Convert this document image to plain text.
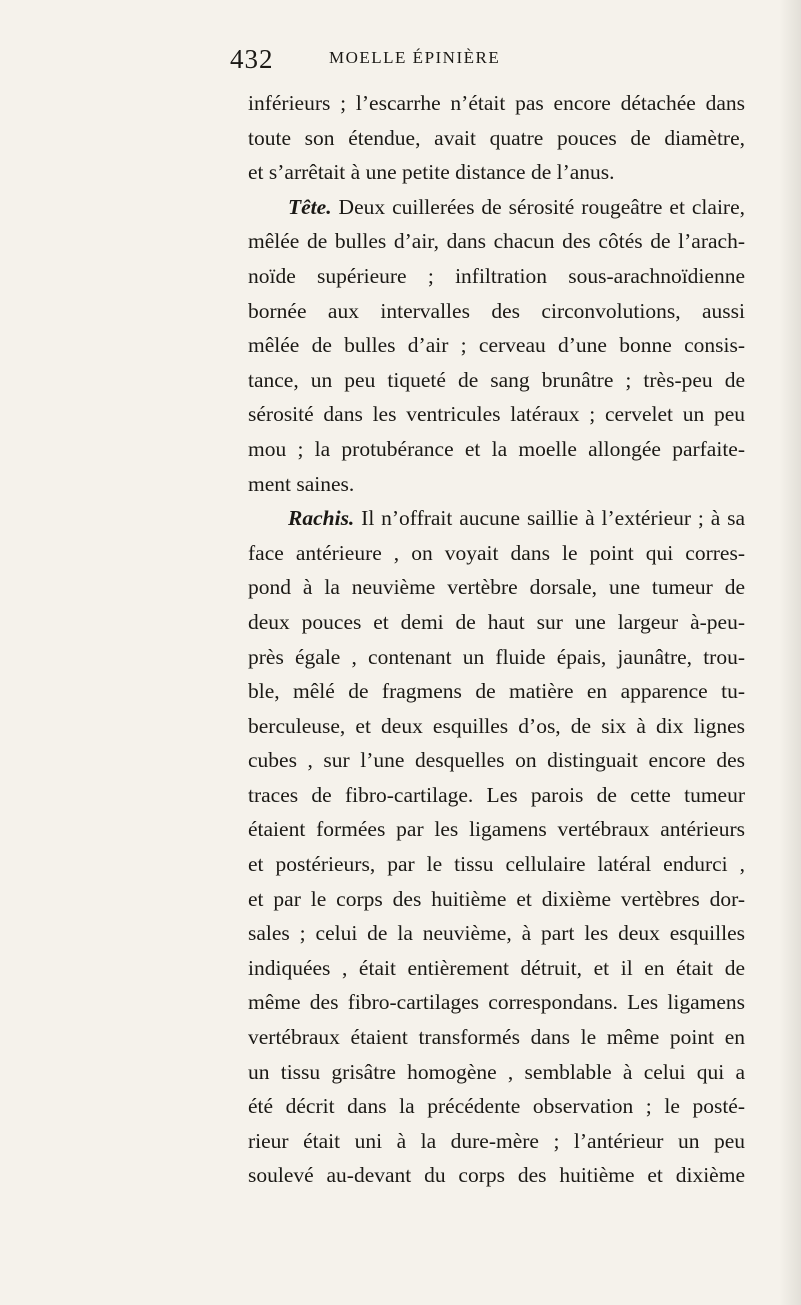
432	MOELLE ÉPINIÈRE
inférieurs ; l’escarrhe n’était pas encore détachée dans
toute son étendue, avait quatre pouces de diamètre,
et s’arrêtait à une petite distance de l’anus.
Tête. Deux cuillerées de sérosité rougeâtre et claire,
mêlée de bulles d’air, dans chacun des côtés de l’arach-
noïde supérieure ; infiltration sous-arachnoïdienne
bornée aux intervalles des circonvolutions, aussi
mêlée de bulles d’air ; cerveau d’une bonne consis-
tance, un peu tiqueté de sang brunâtre ; très-peu de
sérosité dans les ventricules latéraux ; cervelet un peu
mou ; la protubérance et la moelle allongée parfaite-
ment saines.
Rachis. Il n’offrait aucune saillie à l’extérieur ; à sa
face antérieure , on voyait dans le point qui corres-
pond à la neuvième vertèbre dorsale, une tumeur de
deux pouces et demi de haut sur une largeur à-peu-
près égale , contenant un fluide épais, jaunâtre, trou-
ble, mêlé de fragmens de matière en apparence tu-
berculeuse, et deux esquilles d’os, de six à dix lignes
cubes , sur l’une desquelles on distinguait encore des
traces de fibro-cartilage. Les parois de cette tumeur
étaient formées par les ligamens vertébraux antérieurs
et postérieurs, par le tissu cellulaire latéral endurci ,
et par le corps des huitième et dixième vertèbres dor-
sales ; celui de la neuvième, à part les deux esquilles
indiquées , était entièrement détruit, et il en était de
même des fibro-cartilages correspondans. Les ligamens
vertébraux étaient transformés dans le même point en
un tissu grisâtre homogène , semblable à celui qui a
été décrit dans la précédente observation ; le posté-
rieur était uni à la dure-mère ; l’antérieur un peu
soulevé au-devant du corps des huitième et dixième
